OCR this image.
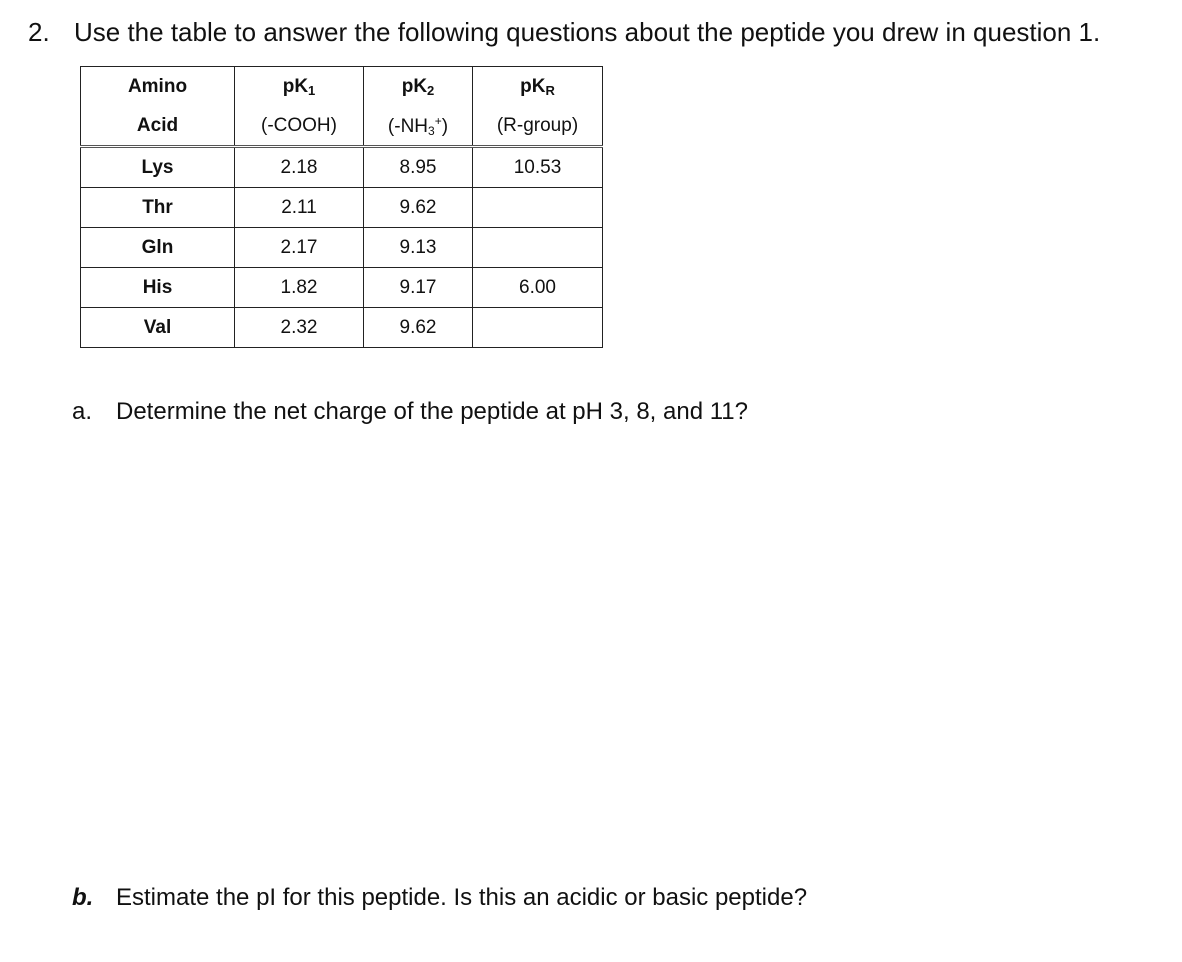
2. Use the table to answer the following questions about the peptide you drew in question 1.
Amino	$pK_1$	$pK_2$	$pK_R$
Acid	(-COOH)	(-NH3+)	(R-group)
Lys	2.18	8.95	10.53
Thr	2.11	9.62	
Gln	2.17	9.13	
His	1.82	9.17	6.00
Val	2.32	9.62	
a. Determine the net charge of the peptide at pH 3, 8, and 11?
b. Estimate the pI for this peptide. Is this an acidic or basic peptide?
